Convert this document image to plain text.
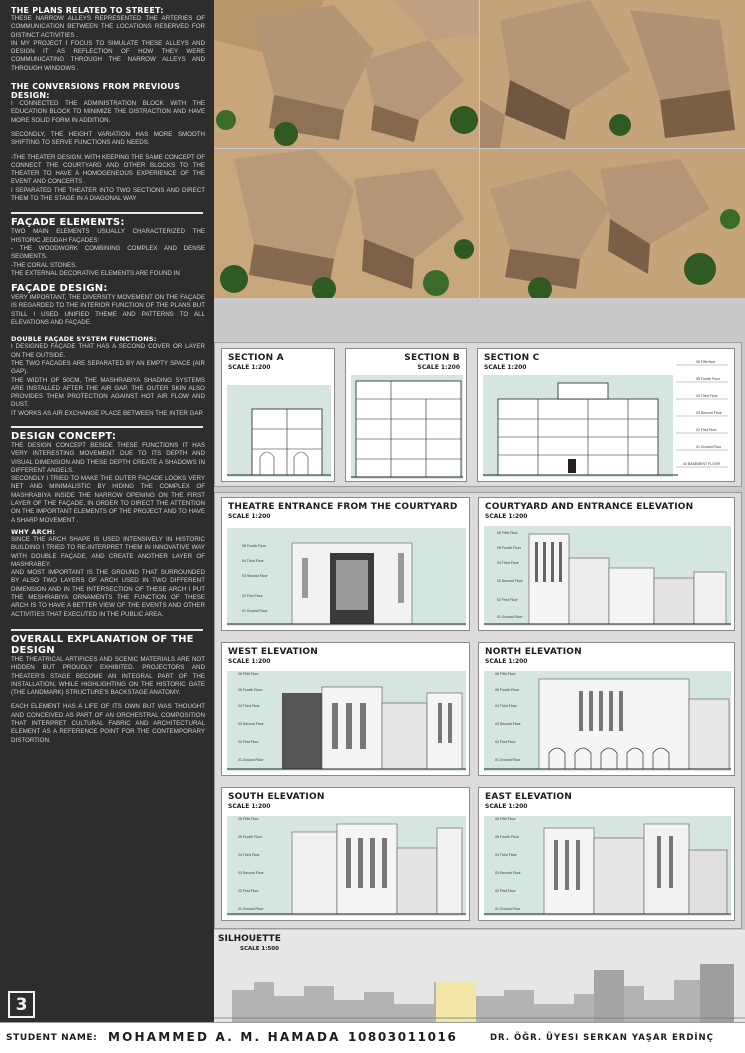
THE PLANS RELATED TO STREET:

THESE NARROW ALLEYS REPRESENTED THE ARTERIES OF COMMUNICATION BETWEEN THE LOCATIONS RESERVED FOR DISTINCT ACTIVITIES .

IN MY PROJECT I FOCUS TO SIMULATE THESE ALLEYS AND DESIGN IT AS REFLECTION OF HOW THEY WERE COMMUNICATING THROUGH THE NARROW ALLEYS AND THROUGH WINDOWS .

THE CONVERSIONS FROM PREVIOUS DESIGN:

I CONNECTED THE ADMINISTRATION BLOCK WITH THE EDUCATION BLOCK TO MINIMIZE THE DISTRACTION AND HAVE MORE SOLID FORM IN ADDITION.

SECONDLY, THE HEIGHT VARIATION HAS MORE SMOOTH SHIFTING TO SERVE FUNCTIONS AND NEEDS.

-THE THEATER DESIGN: WITH KEEPING THE SAME CONCEPT OF CONNECT THE COURTYARD AND OTHER BLOCKS TO THE THEATER TO HAVE A HOMOGENEOUS EXPERIENCE OF THE EVENT AND CONCERTS .

I SEPARATED THE THEATER INTO TWO SECTIONS AND DIRECT THEM TO THE STAGE IN A DIAGONAL WAY

FAÇADE ELEMENTS:

TWO MAIN ELEMENTS USUALLY CHARACTERIZED THE HISTORIC JEDDAH FAÇADES:

- THE WOODWORK COMBINING COMPLEX AND DENSE SEGMENTS.

-THE CORAL STONES.

THE EXTERNAL DECORATIVE ELEMENTS ARE FOUND IN

FAÇADE DESIGN:

VERY IMPORTANT, THE DIVERSITY MOVEMENT ON THE FAÇADE IS REGARDED TO THE INTERIOR FUNCTION OF THE PLANS BUT STILL I USED UNIFIED THEME AND PATTERNS TO ALL ELEVATIONS AND FAÇADE.

DOUBLE FAÇADE SYSTEM FUNCTIONS:

I DESIGNED FAÇADE THAT HAS A SECOND COVER OR LAYER ON THE OUTSIDE.

THE TWO FACADES ARE SEPARATED BY AN EMPTY SPACE (AIR GAP).

THE WIDTH OF 50CM, THE MASHRABIYA SHADING SYSTEMS ARE INSTALLED AFTER THE AIR GAP. THE OUTER SKIN ALSO PROVIDES THEM PROTECTION AGAINST HOT AIR FLOW AND DUST.

IT WORKS AS AIR EXCHANGE PLACE BETWEEN THE INTER GAP.

DESIGN CONCEPT:

THE DESIGN CONCEPT BESIDE THESE FUNCTIONS IT HAS VERY INTERESTING MOVEMENT DUE TO ITS DEPTH AND VISUAL DIMENSION AND THESE DEPTH CREATE A SHADOWS IN DIFFERENT ANGELS.

SECONDLY I TRIED TO MAKE THE OUTER FAÇADE LOOKS VERY NET AND MINIMALISTIC BY HIDING THE COMPLEX OF MASHRABIYA INSIDE THE NARROW OPENING ON THE FIRST LAYER OF THE FAÇADE, IN ORDER TO DIRECT THE ATTENTION ON THE IMPORTANT ELEMENTS OF THE PROJECT AND TO HAVE A SHARP MOVEMENT .

WHY ARCH:

SINCE THE ARCH SHAPE IS USED INTENSIVELY IN HISTORIC BUILDING I TRIED TO RE-INTERPRET THEM IN INNOVATIVE WAY WITH DOUBLE FAÇADE, AND CREATE ANOTHER LAYER OF MASHRABEY.

AND MOST IMPORTANT IS THE GROUND THAT SURROUNDED BY ALSO TWO LAYERS OF ARCH USED IN TWO DIFFERENT DIMENSION AND IN THE INTERSECTION OF THESE ARCH I PUT THE MESHRABIYA ORNAMENTS THE FUNCTION OF THESE ARCH IS TO HAVE A BETTER VIEW OF THE EVENTS AND OTHER ACTIVITIES THAT EXECUTED IN THE PUBLIC AREA.

OVERALL EXPLANATION OF THE DESIGN

THE THEATRICAL ARTIFICES AND SCENIC MATERIALS ARE NOT HIDDEN BUT PROUDLY EXHIBITED. PROJECTORS AND THEATER'S STAGE BECOME AN INTEGRAL PART OF THE INSTALLATION, WHILE HIGHLIGHTING ON THE HISTORIC GATE (THE LANDMARK) STRUCTURE'S BACKSTAGE ANATOMY.

EACH ELEMENT HAS A LIFE OF ITS OWN BUT WAS THOUGHT AND CONCEIVED AS PART OF AN ORCHESTRAL COMPOSITION THAT INTERPRET CULTURAL FABRIC AND ARCHITECTURAL ELEMENT AS A REFERENCE POINT FOR THE CONTEMPORARY DISTORTION.

3
SECTION A
SCALE 1:200
SECTION B
SCALE 1:200
SECTION C
SCALE 1:200
06 Fifth floor
05 Fourth Floor
04 Third Floor
03 Second Floor
02 First Floor
01 Ground Floor
00 BASEMENT FLOOR
THEATRE ENTRANCE FROM THE COURTYARD
SCALE 1:200
05 Fourth Floor
04 Third Floor
03 Second Floor
02 First Floor
01 Ground Floor
COURTYARD AND ENTRANCE ELEVATION
SCALE 1:200
06 Fifth Floor
05 Fourth Floor
04 Third Floor
03 Second Floor
02 First Floor
01 Ground Floor
WEST ELEVATION
SCALE 1:200
06 Fifth Floor
05 Fourth Floor
04 Third Floor
03 Second Floor
02 First Floor
01 Ground Floor
NORTH ELEVATION
SCALE 1:200
06 Fifth Floor
05 Fourth Floor
04 Third Floor
03 Second Floor
02 First Floor
01 Ground Floor
SOUTH ELEVATION
SCALE 1:200
06 Fifth Floor
05 Fourth Floor
04 Third Floor
03 Second Floor
02 First Floor
01 Ground Floor
EAST ELEVATION
SCALE 1:200
06 Fifth Floor
05 Fourth Floor
04 Third Floor
03 Second Floor
02 First Floor
01 Ground Floor
SILHOUETTE
SCALE 1:500
STUDENT NAME: MOHAMMED A. M. HAMADA 10803011016	DR. ÖĞR. ÜYESI SERKAN YAŞAR ERDİNÇ
